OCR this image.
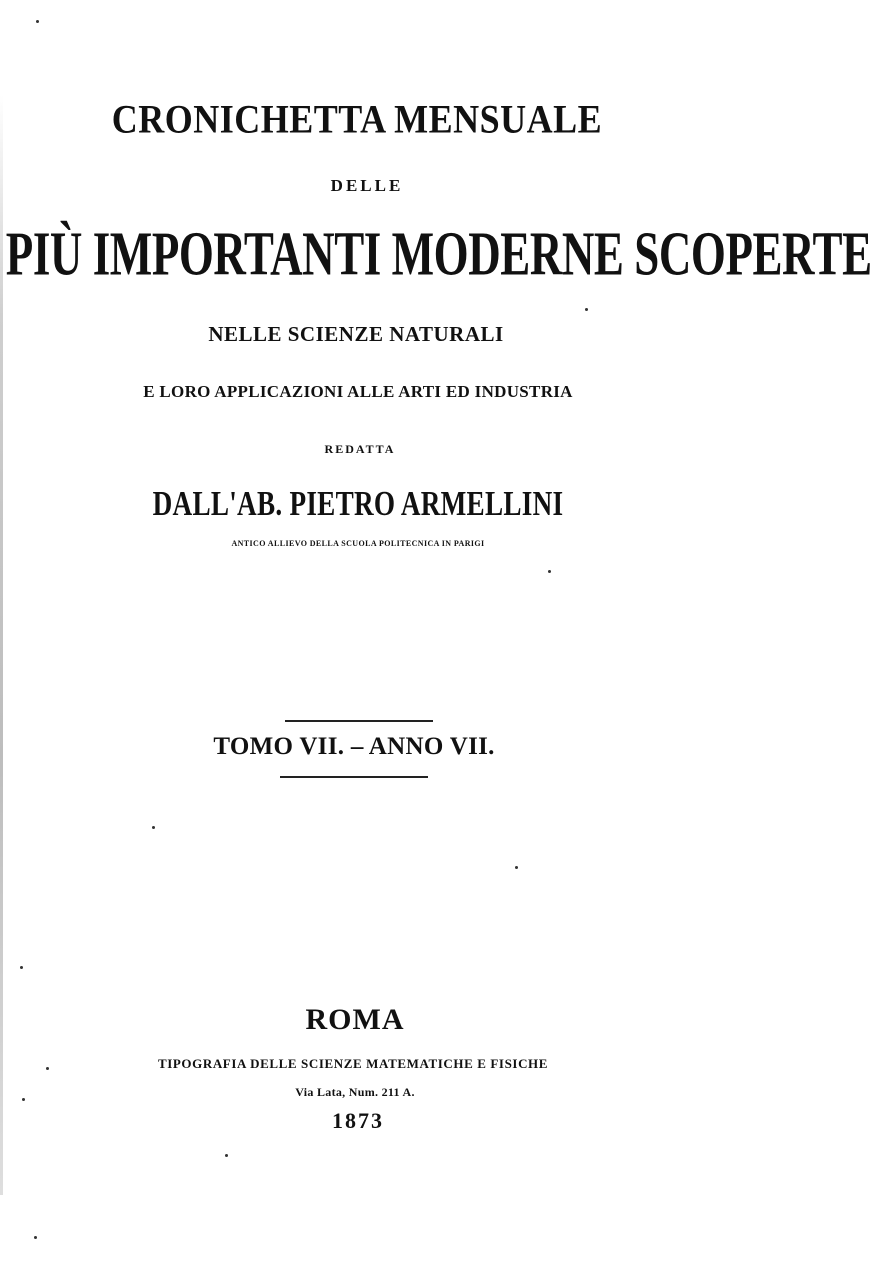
CRONICHETTA MENSUALE
DELLE
PIÙ IMPORTANTI MODERNE SCOPERTE
NELLE SCIENZE NATURALI
E LORO APPLICAZIONI ALLE ARTI ED INDUSTRIA
REDATTA
DALL'AB. PIETRO ARMELLINI
ANTICO ALLIEVO DELLA SCUOLA POLITECNICA IN PARIGI
TOMO VII. – ANNO VII.
ROMA
TIPOGRAFIA DELLE SCIENZE MATEMATICHE E FISICHE
Via Lata, Num. 211 A.
1873
